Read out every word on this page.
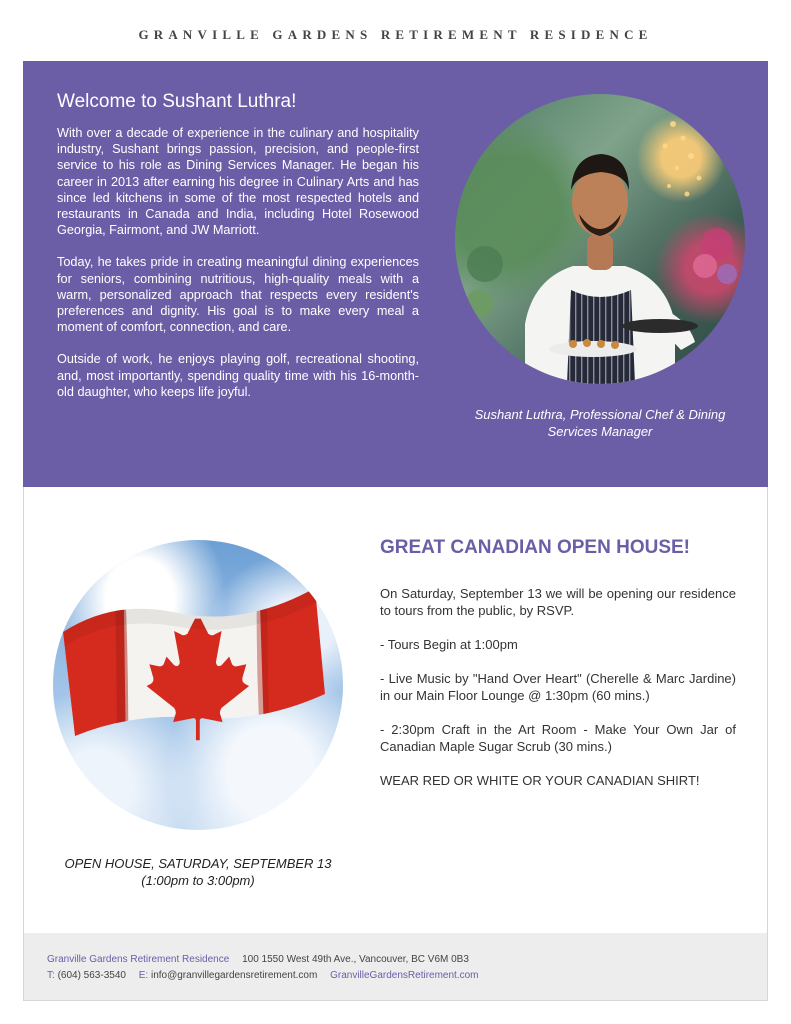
GRANVILLE GARDENS RETIREMENT RESIDENCE
Welcome to Sushant Luthra!

With over a decade of experience in the culinary and hospitality industry, Sushant brings passion, precision, and people-first service to his role as Dining Services Manager. He began his career in 2013 after earning his degree in Culinary Arts and has since led kitchens in some of the most respected hotels and restaurants in Canada and India, including Hotel Rosewood Georgia, Fairmont, and JW Marriott.

Today, he takes pride in creating meaningful dining experiences for seniors, combining nutritious, high-quality meals with a warm, personalized approach that respects every resident's preferences and dignity. His goal is to make every meal a moment of comfort, connection, and care.

Outside of work, he enjoys playing golf, recreational shooting, and, most importantly, spending quality time with his 16-month-old daughter, who keeps life joyful.

Sushant Luthra, Professional Chef & Dining Services Manager
OPEN HOUSE, SATURDAY, SEPTEMBER 13
(1:00pm to 3:00pm)
GREAT CANADIAN OPEN HOUSE!

On Saturday, September 13 we will be opening our residence to tours from the public, by RSVP.

- Tours Begin at 1:00pm

- Live Music by "Hand Over Heart" (Cherelle & Marc Jardine) in our Main Floor Lounge @ 1:30pm (60 mins.)

- 2:30pm Craft in the Art Room - Make Your Own Jar of Canadian Maple Sugar Scrub (30 mins.)

WEAR RED OR WHITE OR YOUR CANADIAN SHIRT!

Granville Gardens Retirement Residence 100 1550 West 49th Ave., Vancouver, BC V6M 0B3
T: (604) 563-3540 E: info@granvillegardensretirement.com GranvilleGardensRetirement.com
